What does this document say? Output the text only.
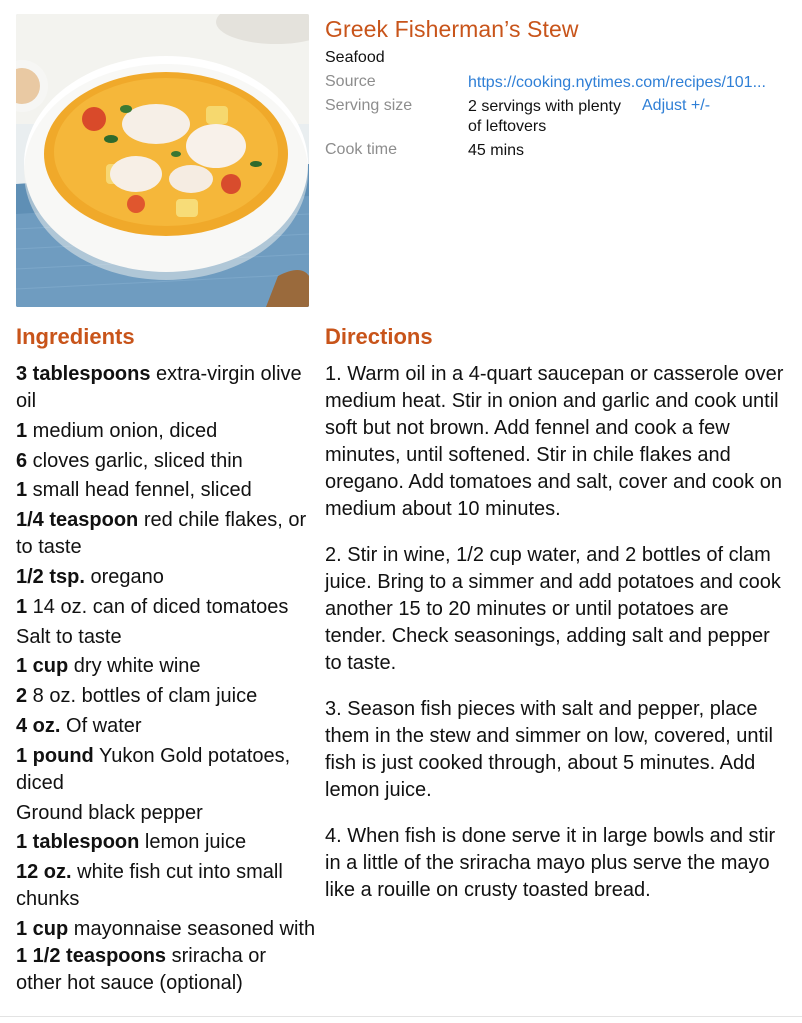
Greek Fisherman’s Stew
Seafood
Source	https://cooking.nytimes.com/recipes/101...
Serving size	2 servings with plenty of leftovers
Adjust +/-
Cook time	45 mins
Ingredients	Directions
3 tablespoons extra-virgin olive oil
1 medium onion, diced
6 cloves garlic, sliced thin
1 small head fennel, sliced
1/4 teaspoon red chile flakes, or to taste
1/2 tsp. oregano
1 14 oz. can of diced tomatoes
Salt to taste
1 cup dry white wine
2 8 oz. bottles of clam juice
4 oz. Of water
1 pound Yukon Gold potatoes, diced
Ground black pepper
1 tablespoon lemon juice
12 oz. white fish cut into small chunks
1 cup mayonnaise seasoned with 1 1/2 teaspoons sriracha or other hot sauce (optional)
1. Warm oil in a 4-quart saucepan or casserole over medium heat. Stir in onion and garlic and cook until soft but not brown. Add fennel and cook a few minutes, until softened. Stir in chile flakes and oregano. Add tomatoes and salt, cover and cook on medium about 10 minutes.
2. Stir in wine, 1/2 cup water, and 2 bottles of clam juice. Bring to a simmer and add potatoes and cook another 15 to 20 minutes or until potatoes are tender. Check seasonings, adding salt and pepper to taste.
3. Season fish pieces with salt and pepper, place them in the stew and simmer on low, covered, until fish is just cooked through, about 5 minutes. Add lemon juice.
4. When fish is done serve it in large bowls and stir in a little of the sriracha mayo plus serve the mayo like a rouille on crusty toasted bread.
